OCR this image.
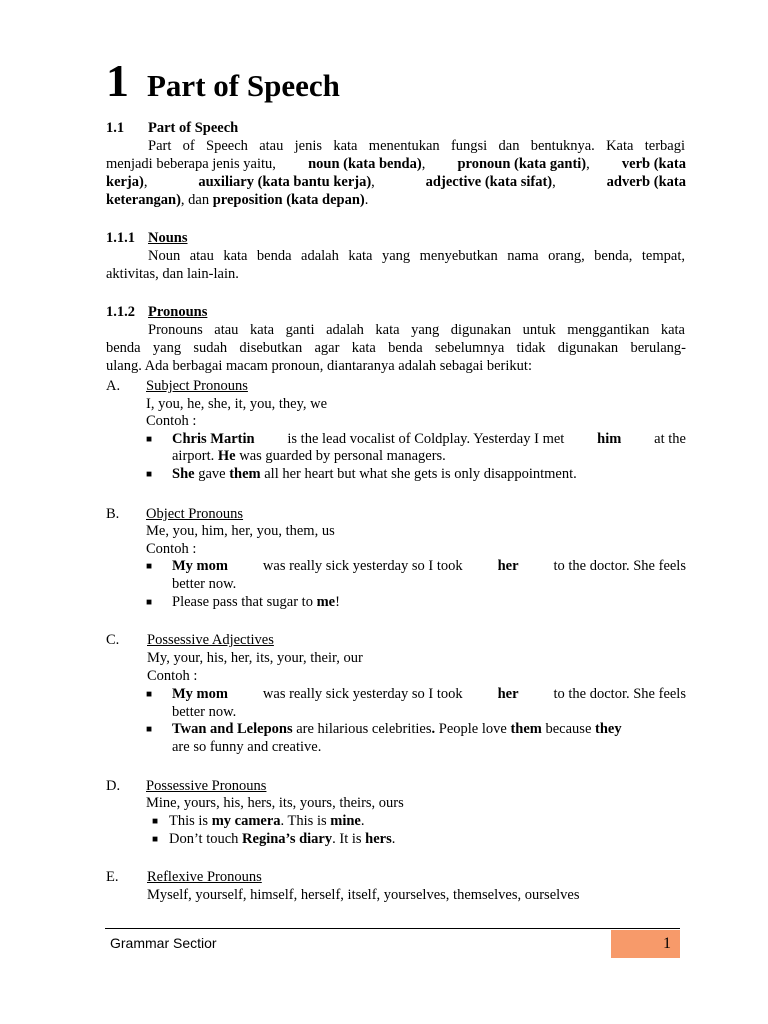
1 Part of Speech
1.1 Part of Speech
Part of Speech atau jenis kata menentukan fungsi dan bentuknya. Kata terbagi
menjadi beberapa jenis yaitu, noun (kata benda), pronoun (kata ganti), verb (kata
kerja),	auxiliary (kata bantu kerja),	adjective (kata sifat),	adverb (kata
keterangan), dan preposition (kata depan).
1.1.1 Nouns
Noun atau kata benda adalah kata yang menyebutkan nama orang, benda, tempat,
aktivitas, dan lain-lain.
1.1.2 Pronouns
Pronouns atau kata ganti adalah kata yang digunakan untuk menggantikan kata
benda yang sudah disebutkan agar kata benda sebelumnya tidak digunakan berulang-
ulang. Ada berbagai macam pronoun, diantaranya adalah sebagai berikut:
A. Subject Pronouns
I, you, he, she, it, you, they, we
Contoh :
■ Chris Martin is the lead vocalist of Coldplay. Yesterday I met him at the
airport. He was guarded by personal managers.
■ She gave them all her heart but what she gets is only disappointment.
B. Object Pronouns
Me, you, him, her, you, them, us
Contoh :
■ My mom was really sick yesterday so I took her to the doctor. She feels
better now.
■ Please pass that sugar to me!
C. Possessive Adjectives
My, your, his, her, its, your, their, our
Contoh :
■ My mom was really sick yesterday so I took her to the doctor. She feels
better now.
■ Twan and Lelepons are hilarious celebrities. People love them because they
are so funny and creative.
D. Possessive Pronouns
Mine, yours, his, hers, its, yours, theirs, ours
■ This is my camera. This is mine.
■ Don’t touch Regina’s diary. It is hers.
E. Reflexive Pronouns
Myself, yourself, himself, herself, itself, yourselves, themselves, ourselves
Grammar Sectior	1
